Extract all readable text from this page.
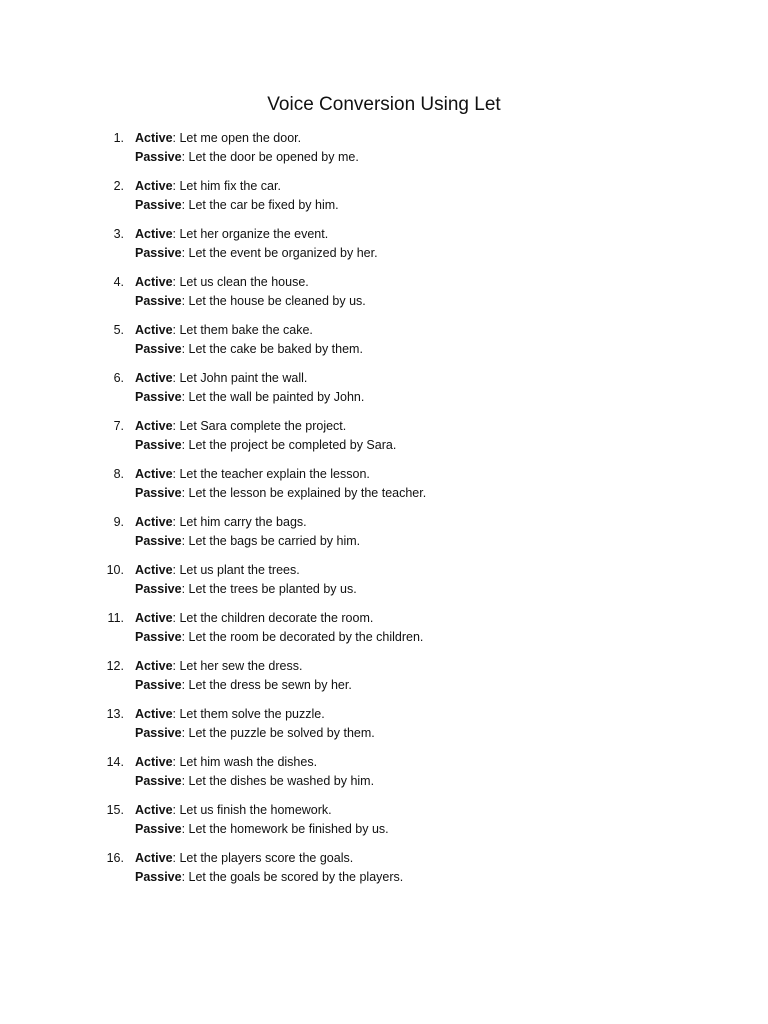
Voice Conversion Using Let
1. Active: Let me open the door.
Passive: Let the door be opened by me.
2. Active: Let him fix the car.
Passive: Let the car be fixed by him.
3. Active: Let her organize the event.
Passive: Let the event be organized by her.
4. Active: Let us clean the house.
Passive: Let the house be cleaned by us.
5. Active: Let them bake the cake.
Passive: Let the cake be baked by them.
6. Active: Let John paint the wall.
Passive: Let the wall be painted by John.
7. Active: Let Sara complete the project.
Passive: Let the project be completed by Sara.
8. Active: Let the teacher explain the lesson.
Passive: Let the lesson be explained by the teacher.
9. Active: Let him carry the bags.
Passive: Let the bags be carried by him.
10. Active: Let us plant the trees.
Passive: Let the trees be planted by us.
11. Active: Let the children decorate the room.
Passive: Let the room be decorated by the children.
12. Active: Let her sew the dress.
Passive: Let the dress be sewn by her.
13. Active: Let them solve the puzzle.
Passive: Let the puzzle be solved by them.
14. Active: Let him wash the dishes.
Passive: Let the dishes be washed by him.
15. Active: Let us finish the homework.
Passive: Let the homework be finished by us.
16. Active: Let the players score the goals.
Passive: Let the goals be scored by the players.
